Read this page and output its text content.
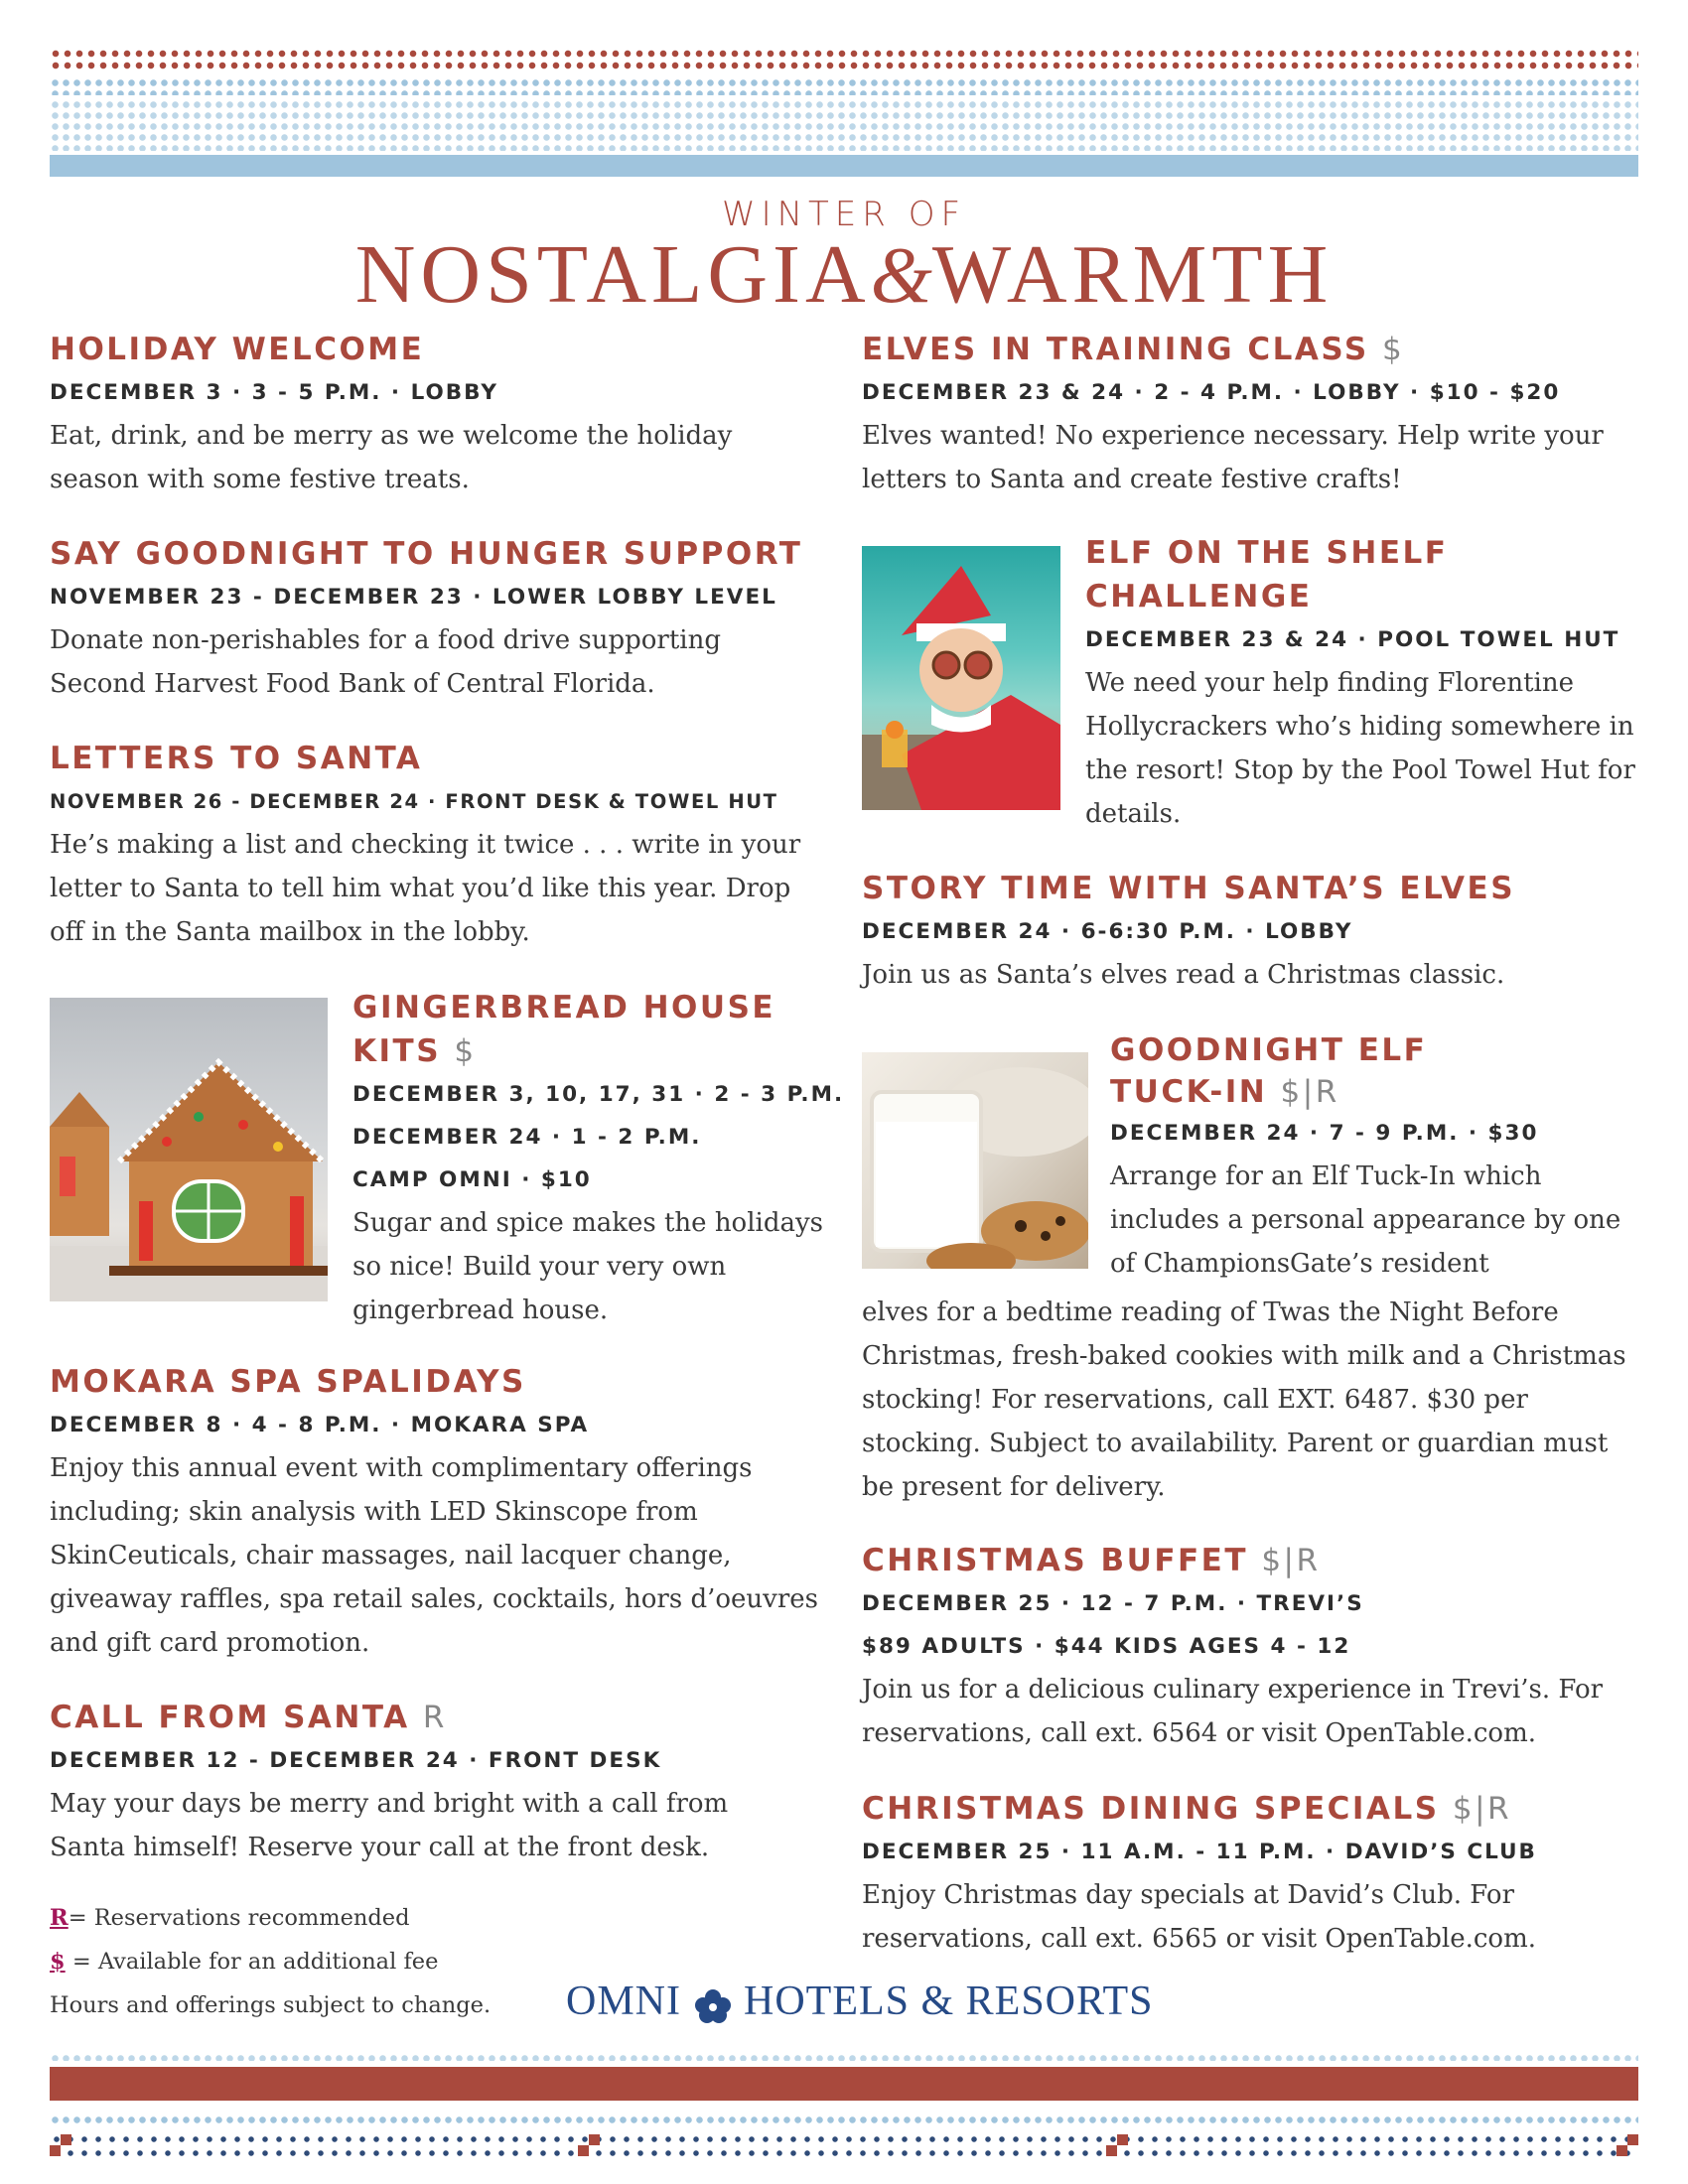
WINTER OF
NOSTALGIA&WARMTH

HOLIDAY WELCOME

DECEMBER 3 · 3 - 5 P.M. · LOBBY

Eat, drink, and be merry as we welcome the holiday season with some festive treats.

SAY GOODNIGHT TO HUNGER SUPPORT

NOVEMBER 23 - DECEMBER 23 · LOWER LOBBY LEVEL

Donate non-perishables for a food drive supporting Second Harvest Food Bank of Central Florida.

LETTERS TO SANTA

NOVEMBER 26 - DECEMBER 24 · FRONT DESK & TOWEL HUT

He’s making a list and checking it twice . . . write in your letter to Santa to tell him what you’d like this year. Drop off in the Santa mailbox in the lobby.

GINGERBREAD HOUSE

KITS $

DECEMBER 3, 10, 17, 31 · 2 - 3 P.M.

DECEMBER 24 · 1 - 2 P.M.

CAMP OMNI · $10

Sugar and spice makes the holidays so nice! Build your very own gingerbread house.

MOKARA SPA SPALIDAYS

DECEMBER 8 · 4 - 8 P.M. · MOKARA SPA

Enjoy this annual event with complimentary offerings including; skin analysis with LED Skinscope from SkinCeuticals, chair massages, nail lacquer change, giveaway raffles, spa retail sales, cocktails, hors d’oeuvres and gift card promotion.

CALL FROM SANTA R

DECEMBER 12 - DECEMBER 24 · FRONT DESK

May your days be merry and bright with a call from Santa himself! Reserve your call at the front desk.

R= Reservations recommended

$ = Available for an additional fee

Hours and offerings subject to change.

ELVES IN TRAINING CLASS $

DECEMBER 23 & 24 · 2 - 4 P.M. · LOBBY · $10 - $20

Elves wanted! No experience necessary. Help write your letters to Santa and create festive crafts!

ELF ON THE SHELF

CHALLENGE

DECEMBER 23 & 24 · POOL TOWEL HUT

We need your help finding Florentine Hollycrackers who’s hiding somewhere in the resort! Stop by the Pool Towel Hut for details.

STORY TIME WITH SANTA’S ELVES

DECEMBER 24 · 6-6:30 P.M. · LOBBY

Join us as Santa’s elves read a Christmas classic.

GOODNIGHT ELF

TUCK-IN $|R

DECEMBER 24 · 7 - 9 P.M. · $30

Arrange for an Elf Tuck-In which includes a personal appearance by one of ChampionsGate’s resident

elves for a bedtime reading of Twas the Night Before Christmas, fresh-baked cookies with milk and a Christmas stocking! For reservations, call EXT. 6487. $30 per stocking. Subject to availability. Parent or guardian must be present for delivery.

CHRISTMAS BUFFET $|R

DECEMBER 25 · 12 - 7 P.M. · TREVI’S

$89 ADULTS · $44 KIDS AGES 4 - 12

Join us for a delicious culinary experience in Trevi’s. For reservations, call ext. 6564 or visit OpenTable.com.

CHRISTMAS DINING SPECIALS $|R

DECEMBER 25 · 11 A.M. - 11 P.M. · DAVID’S CLUB

Enjoy Christmas day specials at David’s Club. For reservations, call ext. 6565 or visit OpenTable.com.

OMNI HOTELS & RESORTS
